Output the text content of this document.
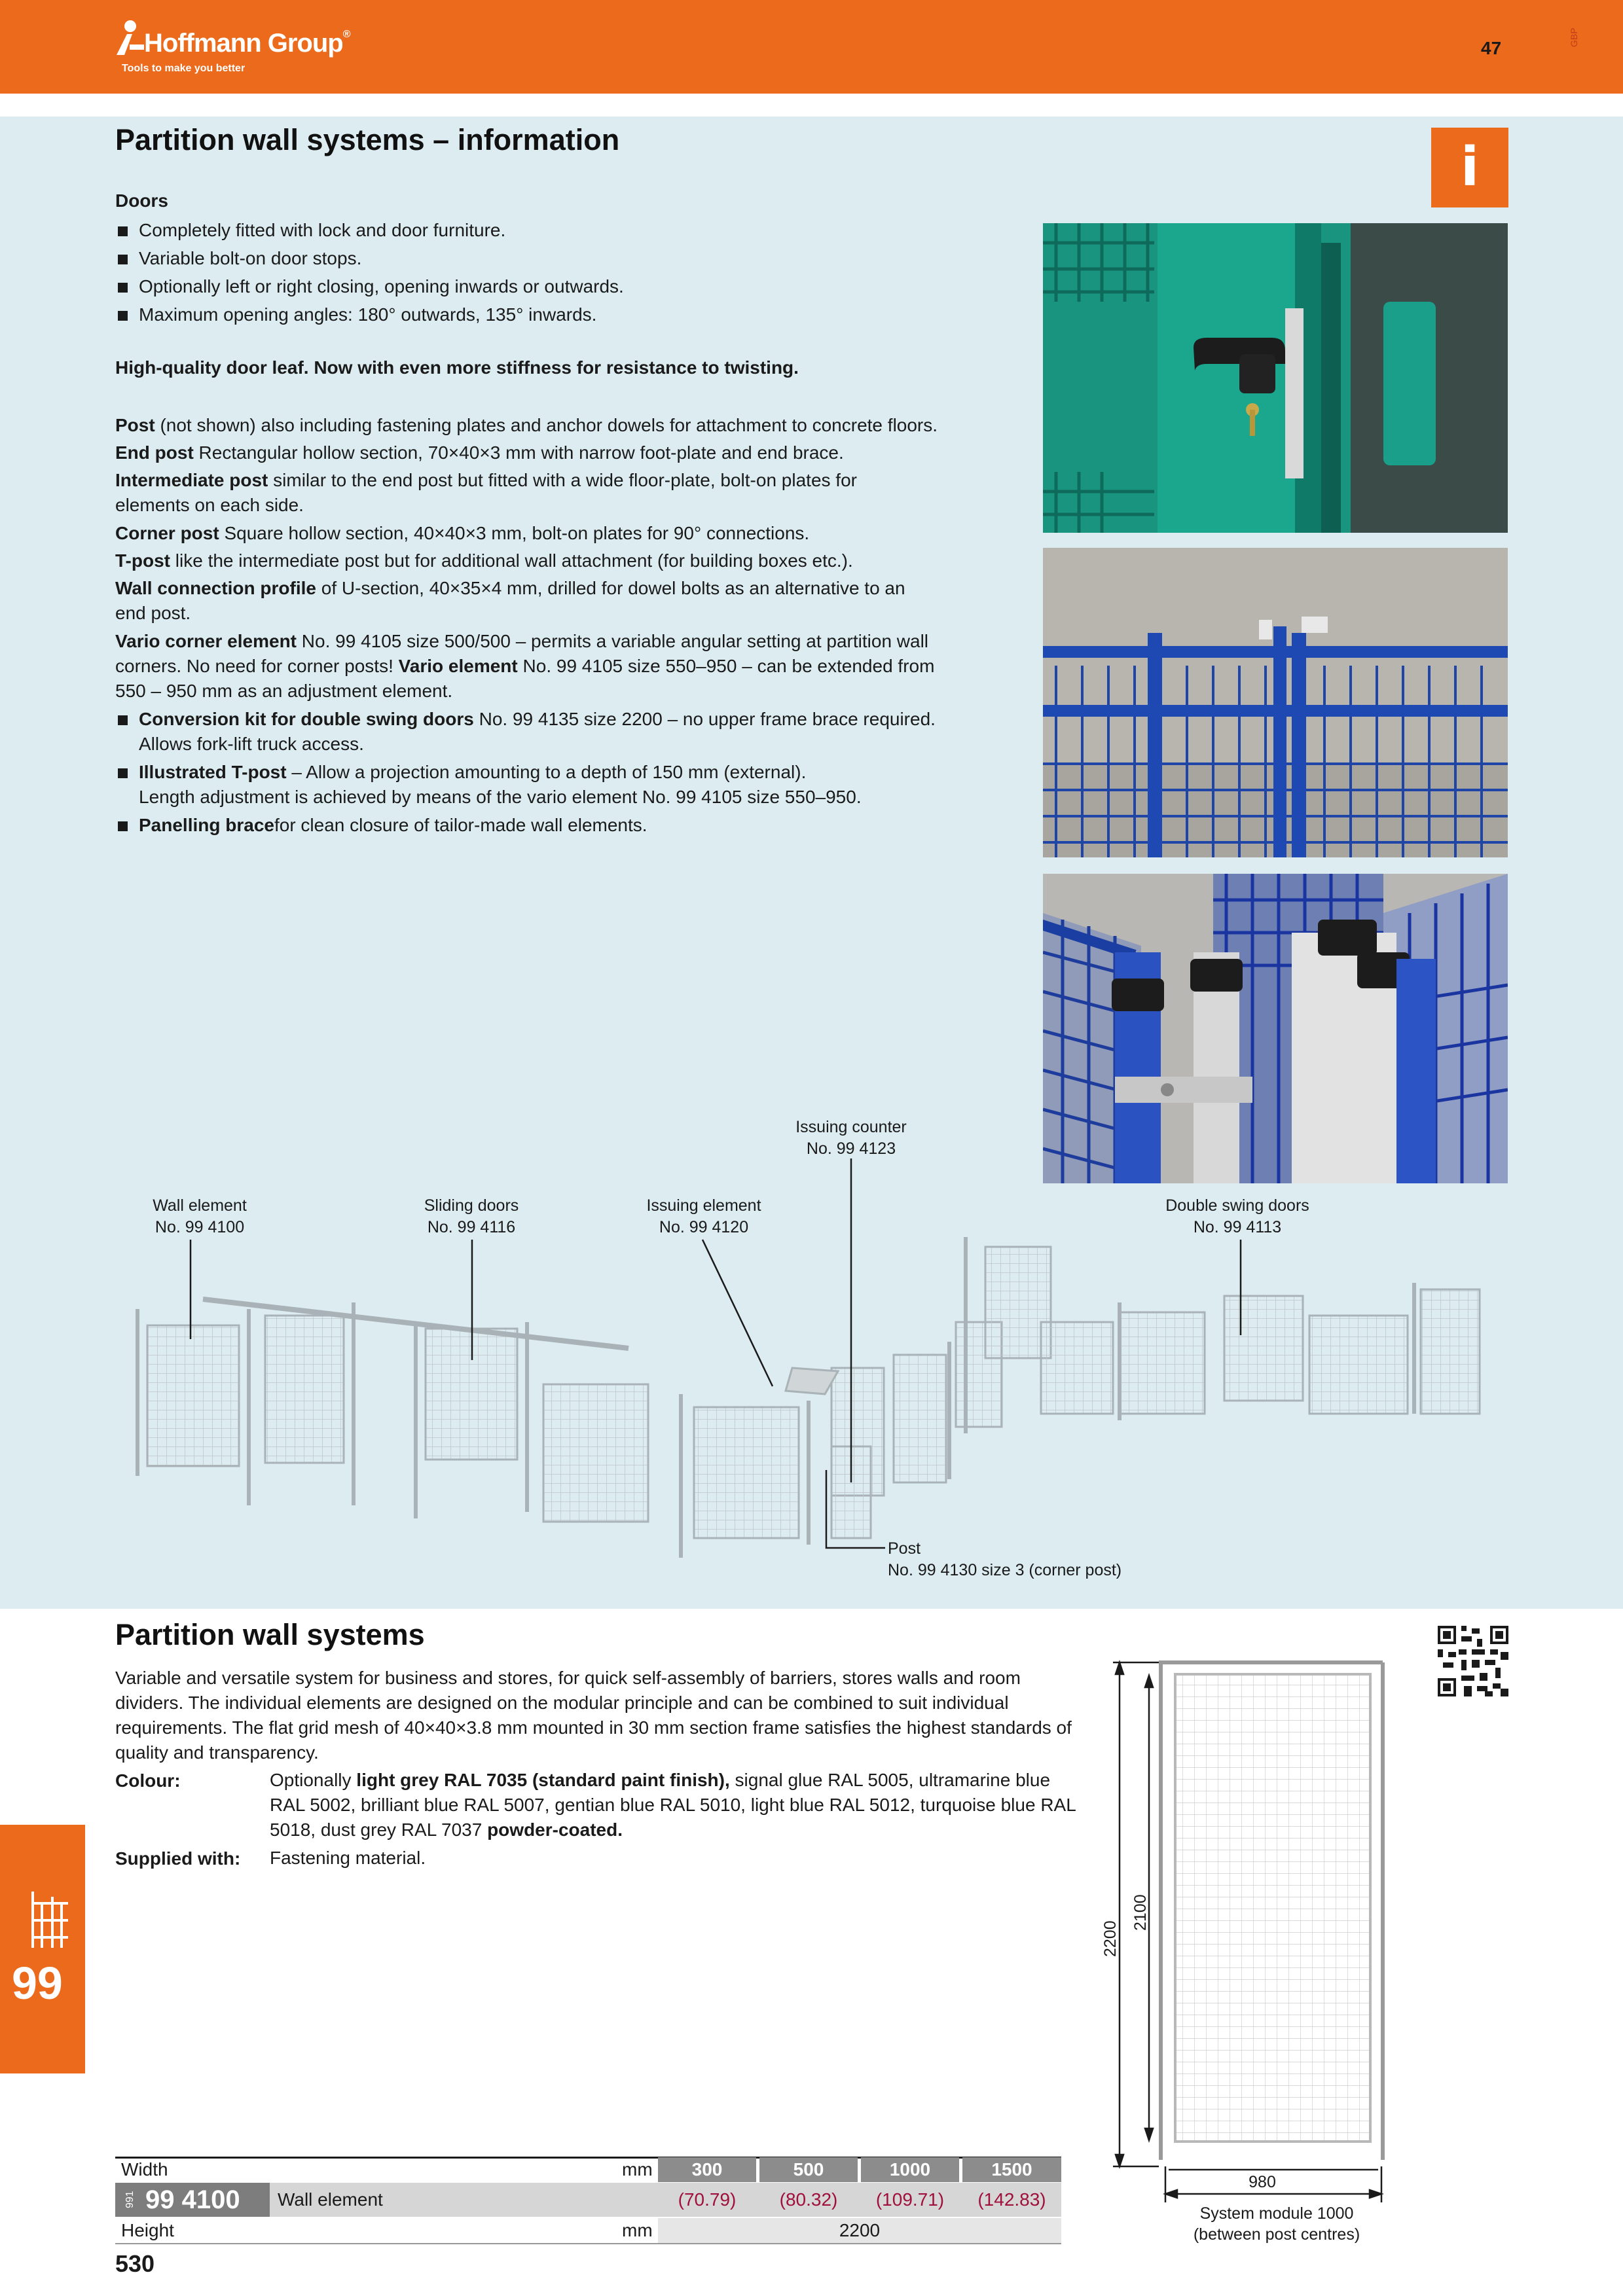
Hoffmann Group®
Tools to make you better
47
GBP
Partition wall systems – information	i
Doors
Completely fitted with lock and door furniture.
Variable bolt-on door stops.
Optionally left or right closing, opening inwards or outwards.
Maximum opening angles: 180° outwards, 135° inwards.
High-quality door leaf. Now with even more stiffness for resistance to twisting.
Post (not shown) also including fastening plates and anchor dowels for attachment to concrete floors.
End post Rectangular hollow section, 70×40×3 mm with narrow foot-plate and end brace.
Intermediate post similar to the end post but fitted with a wide floor-plate, bolt-on plates for
elements on each side.
Corner post Square hollow section, 40×40×3 mm, bolt-on plates for 90° connections.
T-post like the intermediate post but for additional wall attachment (for building boxes etc.).
Wall connection profile of U-section, 40×35×4 mm, drilled for dowel bolts as an alternative to an
end post.
Vario corner element No. 99 4105 size 500/500 – permits a variable angular setting at partition wall
corners. No need for corner posts! Vario element No. 99 4105 size 550–950 – can be extended from
550 – 950 mm as an adjustment element.
Conversion kit for double swing doors No. 99 4135 size 2200 – no upper frame brace required.
Allows fork-lift truck access.
Illustrated T-post – Allow a projection amounting to a depth of 150 mm (external).
Length adjustment is achieved by means of the vario element No. 99 4105 size 550–950.
Panelling bracefor clean closure of tailor-made wall elements.
Issuing counter
No. 99 4123
Wall element
No. 99 4100
Sliding doors
No. 99 4116
Issuing element
No. 99 4120
Double swing doors
No. 99 4113
Post
No. 99 4130 size 3 (corner post)
Partition wall systems
Variable and versatile system for business and stores, for quick self-assembly of barriers, stores walls and room dividers. The individual elements are designed on the modular principle and can be combined to suit individual requirements. The flat grid mesh of 40×40×3.8 mm mounted in 30 mm section frame satisfies the highest standards of quality and transparency.
Colour:	Optionally light grey RAL 7035 (standard paint finish), signal glue RAL 5005, ultramarine blue RAL 5002, brilliant blue RAL 5007, gentian blue RAL 5010, light blue RAL 5012, turquoise blue RAL 5018, dust grey RAL 7037 powder-coated.
Supplied with: Fastening material.
99
2200
2100
980
System module 1000
(between post centres)
Width	mm	300	500	1000	1500
991 99 4100 Wall element	(70.79)	(80.32)	(109.71)	(142.83)
Height	mm	2200
530
